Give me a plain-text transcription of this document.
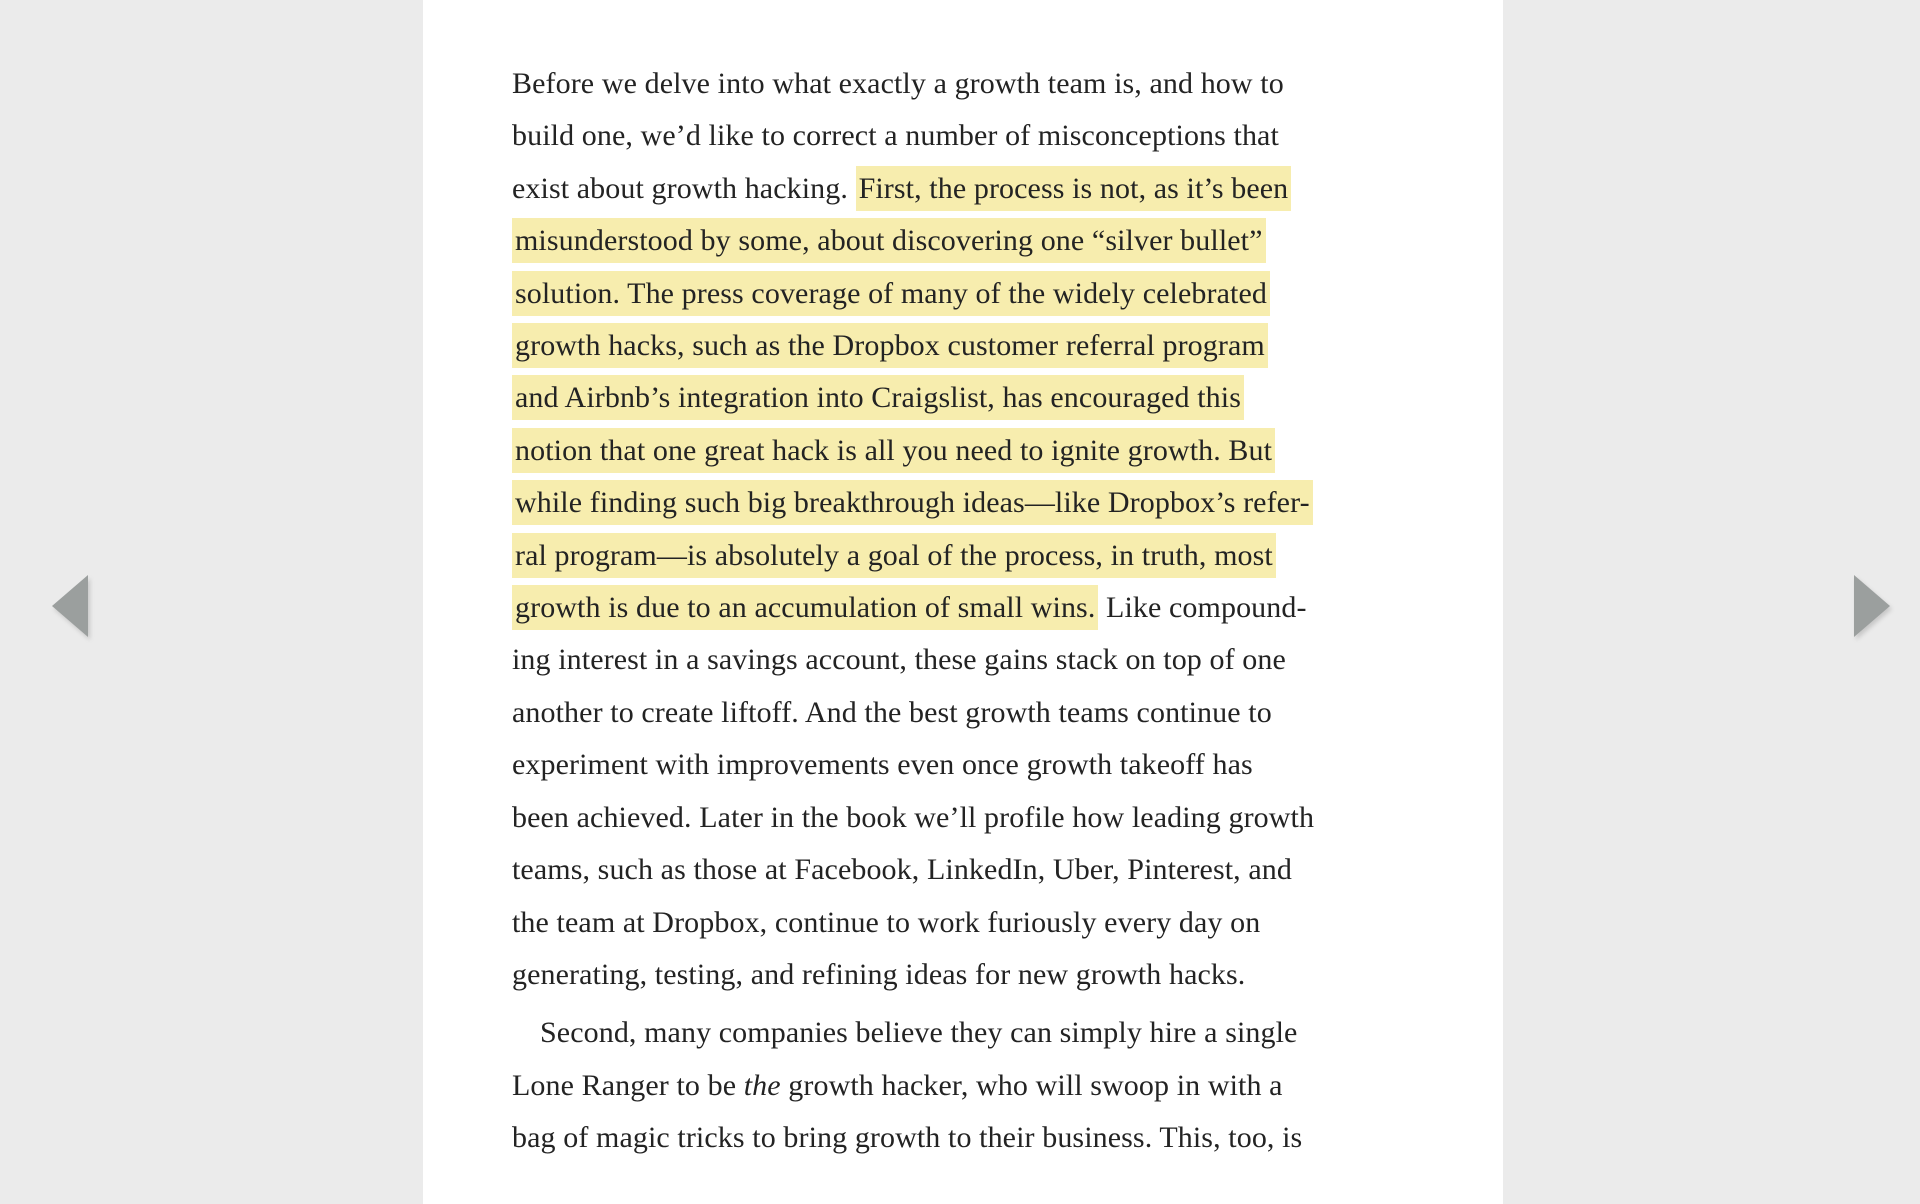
Before we delve into what exactly a growth team is, and how to
build one, we’d like to correct a number of misconceptions that
exist about growth hacking. First, the process is not, as it’s been
misunderstood by some, about discovering one “silver bullet”
solution. The press coverage of many of the widely celebrated
growth hacks, such as the Dropbox customer referral program
and Airbnb’s integration into Craigslist, has encouraged this
notion that one great hack is all you need to ignite growth. But
while finding such big breakthrough ideas—like Dropbox’s refer-
ral program—is absolutely a goal of the process, in truth, most
growth is due to an accumulation of small wins. Like compound-
ing interest in a savings account, these gains stack on top of one
another to create liftoff. And the best growth teams continue to
experiment with improvements even once growth takeoff has
been achieved. Later in the book we’ll profile how leading growth
teams, such as those at Facebook, LinkedIn, Uber, Pinterest, and
the team at Dropbox, continue to work furiously every day on
generating, testing, and refining ideas for new growth hacks.
Second, many companies believe they can simply hire a single
Lone Ranger to be the growth hacker, who will swoop in with a
bag of magic tricks to bring growth to their business. This, too, is
